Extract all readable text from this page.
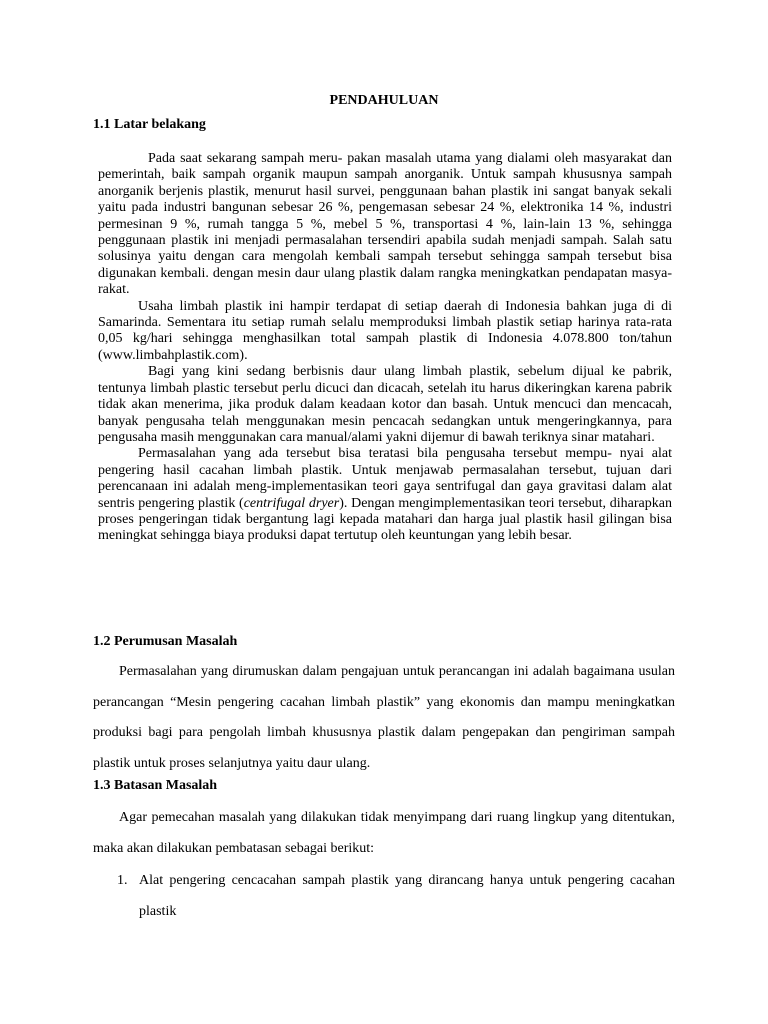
PENDAHULUAN
1.1 Latar belakang

Pada saat sekarang sampah meru- pakan masalah utama yang dialami oleh masyarakat dan pemerintah, baik sampah organik maupun sampah anorganik. Untuk sampah khususnya sampah anorganik berjenis plastik, menurut hasil survei, penggunaan bahan plastik ini sangat banyak sekali yaitu pada industri bangunan sebesar 26 %, pengemasan sebesar 24 %, elektronika 14 %, industri permesinan 9 %, rumah tangga 5 %, mebel 5 %, transportasi 4 %, lain-lain 13 %, sehingga penggunaan plastik ini menjadi permasalahan tersendiri apabila sudah menjadi sampah. Salah satu solusinya yaitu dengan cara mengolah kembali sampah tersebut sehingga sampah tersebut bisa digunakan kembali. dengan mesin daur ulang plastik dalam rangka meningkatkan pendapatan masya- rakat.

Usaha limbah plastik ini hampir terdapat di setiap daerah di Indonesia bahkan juga di di Samarinda. Sementara itu setiap rumah selalu memproduksi limbah plastik setiap harinya rata-rata 0,05 kg/hari sehingga menghasilkan total sampah plastik di Indonesia 4.078.800 ton/tahun (www.limbahplastik.com).

Bagi yang kini sedang berbisnis daur ulang limbah plastik, sebelum dijual ke pabrik, tentunya limbah plastic tersebut perlu dicuci dan dicacah, setelah itu harus dikeringkan karena pabrik tidak akan menerima, jika produk dalam keadaan kotor dan basah. Untuk mencuci dan mencacah, banyak pengusaha telah menggunakan mesin pencacah sedangkan untuk mengeringkannya, para pengusaha masih menggunakan cara manual/alami yakni dijemur di bawah teriknya sinar matahari.

Permasalahan yang ada tersebut bisa teratasi bila pengusaha tersebut mempu- nyai alat pengering hasil cacahan limbah plastik. Untuk menjawab permasalahan tersebut, tujuan dari perencanaan ini adalah meng-implementasikan teori gaya sentrifugal dan gaya gravitasi dalam alat sentris pengering plastik (centrifugal dryer). Dengan mengimplementasikan teori tersebut, diharapkan proses pengeringan tidak bergantung lagi kepada matahari dan harga jual plastik hasil gilingan bisa meningkat sehingga biaya produksi dapat tertutup oleh keuntungan yang lebih besar.

1.2 Perumusan Masalah

Permasalahan yang dirumuskan dalam pengajuan untuk perancangan ini adalah bagaimana usulan perancangan “Mesin pengering cacahan limbah plastik” yang ekonomis dan mampu meningkatkan produksi bagi para pengolah limbah khususnya plastik dalam pengepakan dan pengiriman sampah plastik untuk proses selanjutnya yaitu daur ulang.

1.3 Batasan Masalah

Agar pemecahan masalah yang dilakukan tidak menyimpang dari ruang lingkup yang ditentukan, maka akan dilakukan pembatasan sebagai berikut:

1. Alat pengering cencacahan sampah plastik yang dirancang hanya untuk pengering cacahan plastik
